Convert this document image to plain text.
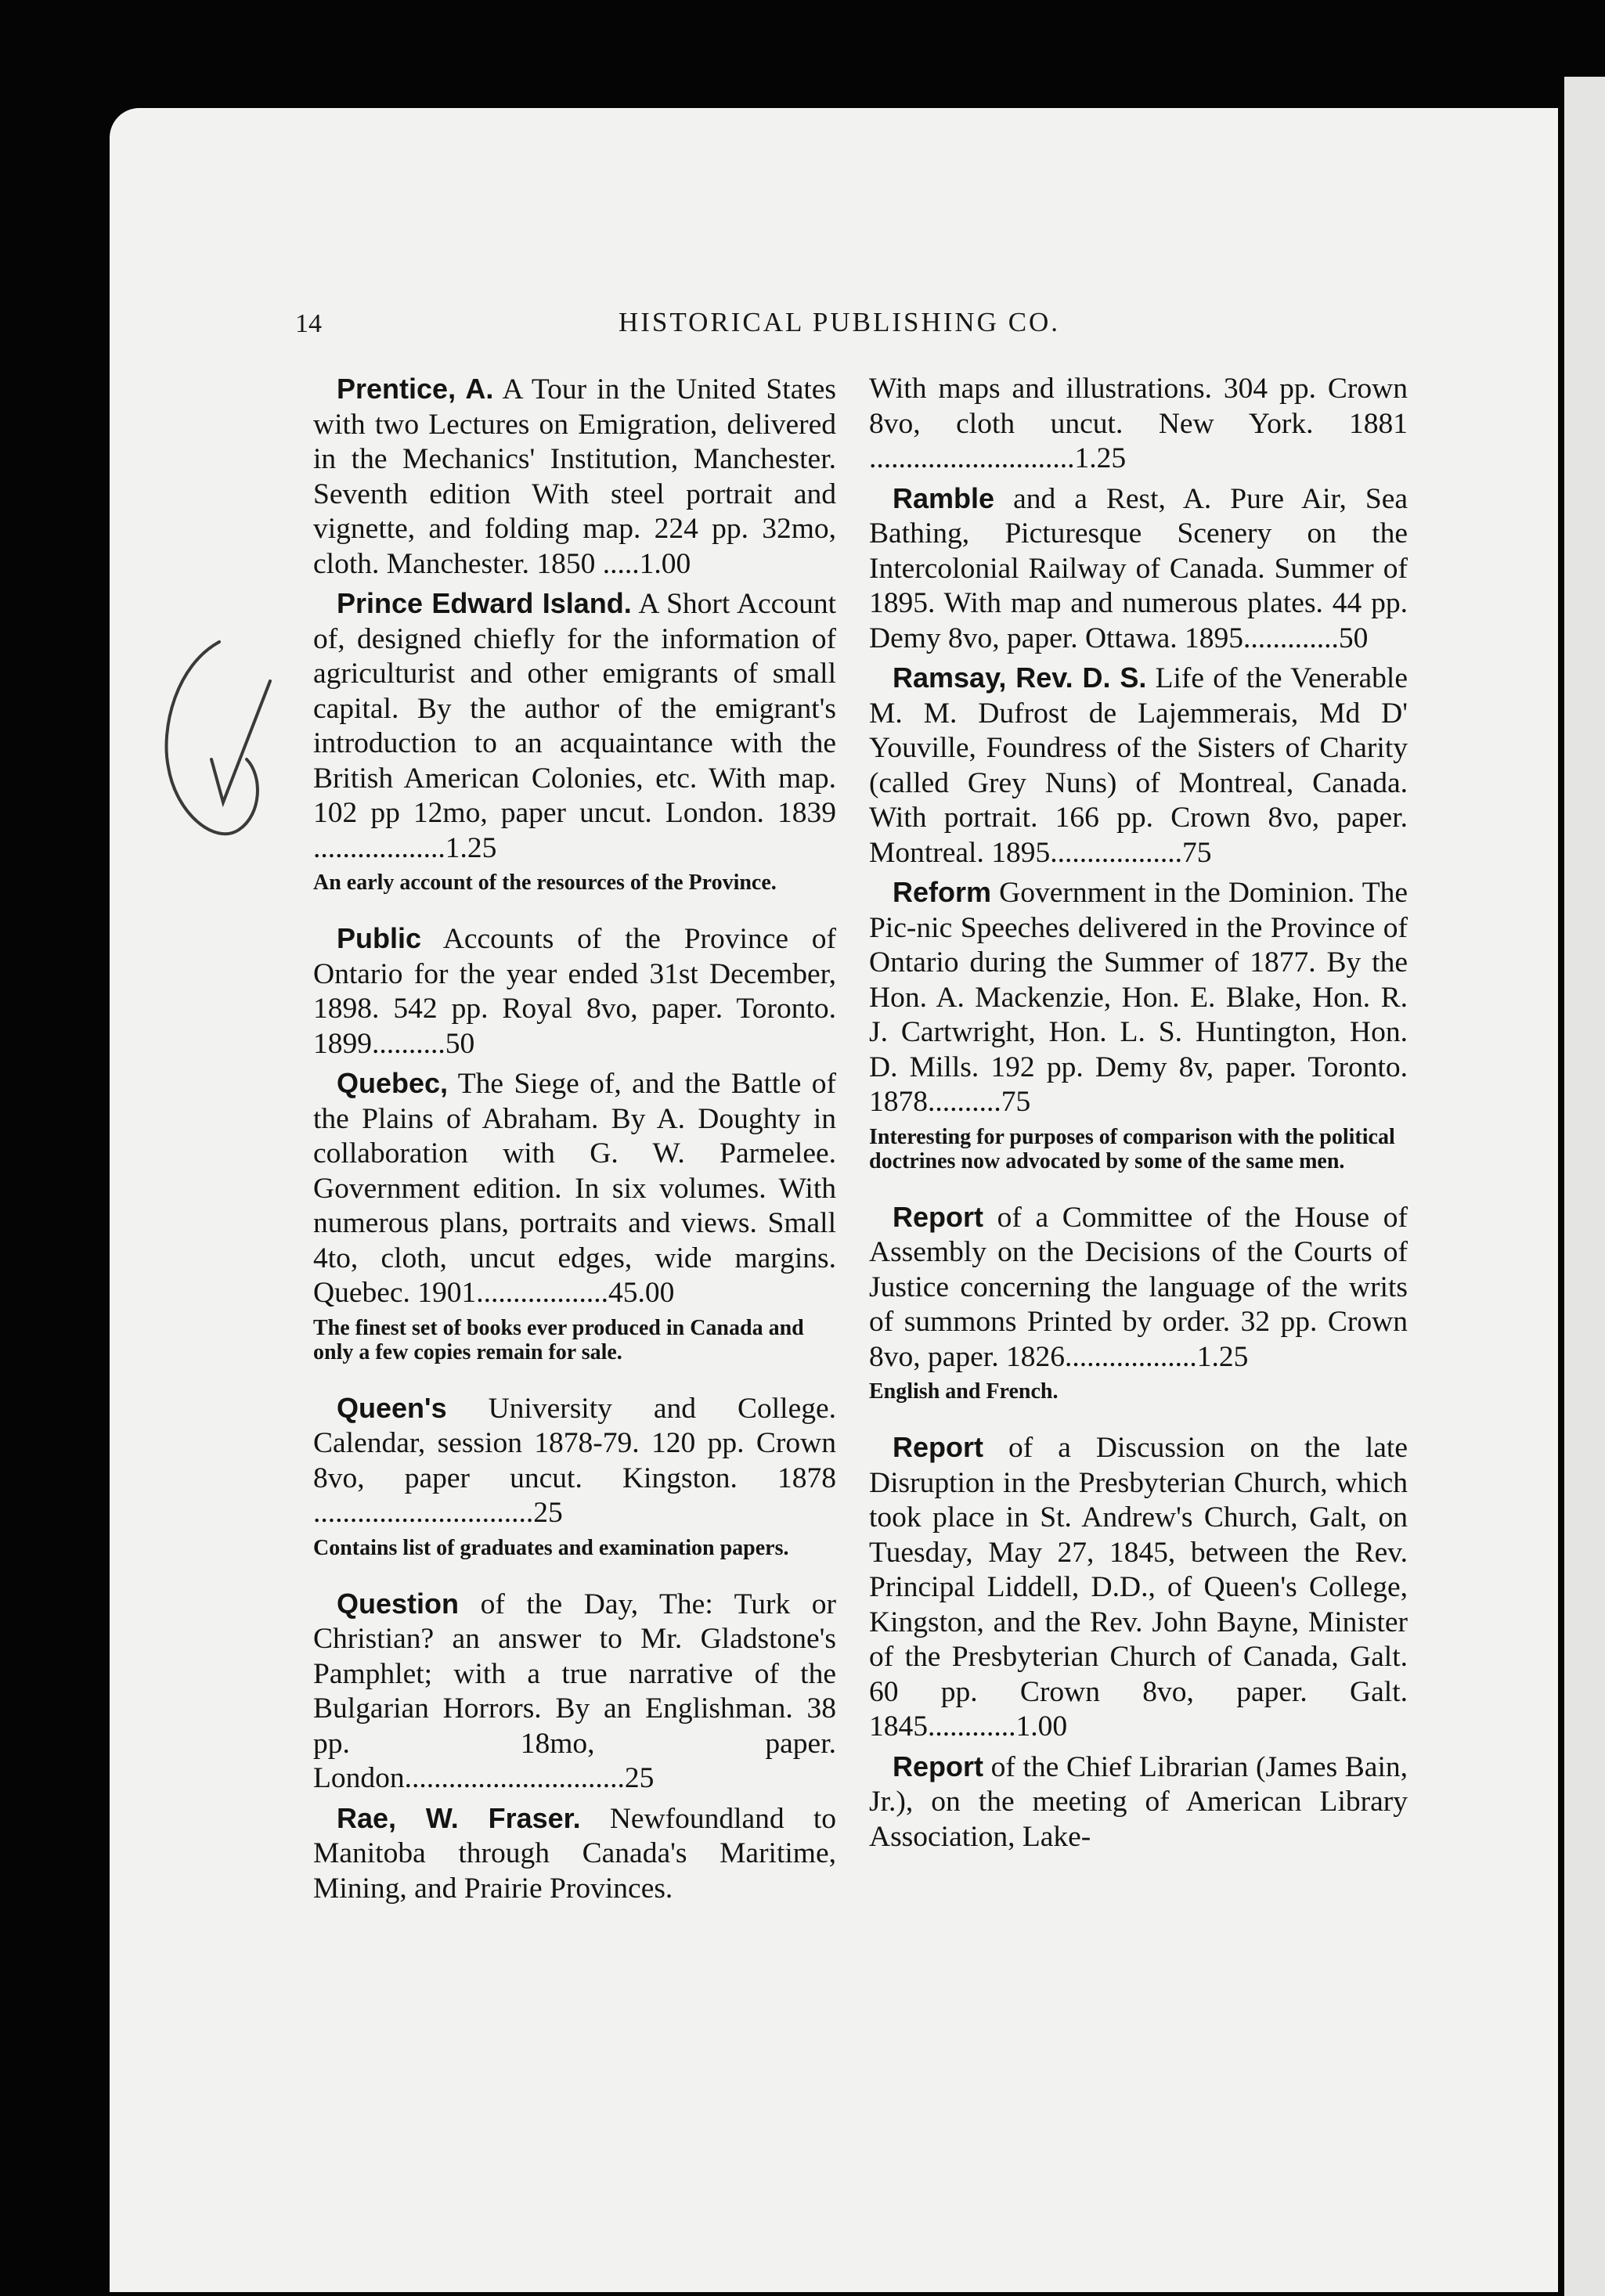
14	HISTORICAL PUBLISHING CO.
Prentice, A. A Tour in the United States with two Lectures on Emigration, delivered in the Mechanics' Institution, Manchester. Seventh edition With steel portrait and vignette, and folding map. 224 pp. 32mo, cloth. Manchester. 1850 .....1.00
Prince Edward Island. A Short Account of, designed chiefly for the information of agriculturist and other emigrants of small capital. By the author of the emigrant's introduction to an acquaintance with the British American Colonies, etc. With map. 102 pp 12mo, paper uncut. London. 1839 ..................1.25
An early account of the resources of the Province.
Public Accounts of the Province of Ontario for the year ended 31st December, 1898. 542 pp. Royal 8vo, paper. Toronto. 1899..........50
Quebec, The Siege of, and the Battle of the Plains of Abraham. By A. Doughty in collaboration with G. W. Parmelee. Government edition. In six volumes. With numerous plans, portraits and views. Small 4to, cloth, uncut edges, wide margins. Quebec. 1901..................45.00
The finest set of books ever produced in Canada and only a few copies remain for sale.
Queen's University and College. Calendar, session 1878-79. 120 pp. Crown 8vo, paper uncut. Kingston. 1878 ..............................25
Contains list of graduates and examination papers.
Question of the Day, The: Turk or Christian? an answer to Mr. Gladstone's Pamphlet; with a true narrative of the Bulgarian Horrors. By an Englishman. 38 pp. 18mo, paper. London..............................25
Rae, W. Fraser. Newfoundland to Manitoba through Canada's Maritime, Mining, and Prairie Provinces.
With maps and illustrations. 304 pp. Crown 8vo, cloth uncut. New York. 1881 ............................1.25
Ramble and a Rest, A. Pure Air, Sea Bathing, Picturesque Scenery on the Intercolonial Railway of Canada. Summer of 1895. With map and numerous plates. 44 pp. Demy 8vo, paper. Ottawa. 1895.............50
Ramsay, Rev. D. S. Life of the Venerable M. M. Dufrost de Lajemmerais, Md D' Youville, Foundress of the Sisters of Charity (called Grey Nuns) of Montreal, Canada. With portrait. 166 pp. Crown 8vo, paper. Montreal. 1895..................75
Reform Government in the Dominion. The Pic-nic Speeches delivered in the Province of Ontario during the Summer of 1877. By the Hon. A. Mackenzie, Hon. E. Blake, Hon. R. J. Cartwright, Hon. L. S. Huntington, Hon. D. Mills. 192 pp. Demy 8v, paper. Toronto. 1878..........75
Interesting for purposes of comparison with the political doctrines now advocated by some of the same men.
Report of a Committee of the House of Assembly on the Decisions of the Courts of Justice concerning the language of the writs of summons Printed by order. 32 pp. Crown 8vo, paper. 1826..................1.25
English and French.
Report of a Discussion on the late Disruption in the Presbyterian Church, which took place in St. Andrew's Church, Galt, on Tuesday, May 27, 1845, between the Rev. Principal Liddell, D.D., of Queen's College, Kingston, and the Rev. John Bayne, Minister of the Presbyterian Church of Canada, Galt. 60 pp. Crown 8vo, paper. Galt. 1845............1.00
Report of the Chief Librarian (James Bain, Jr.), on the meeting of American Library Association, Lake-
